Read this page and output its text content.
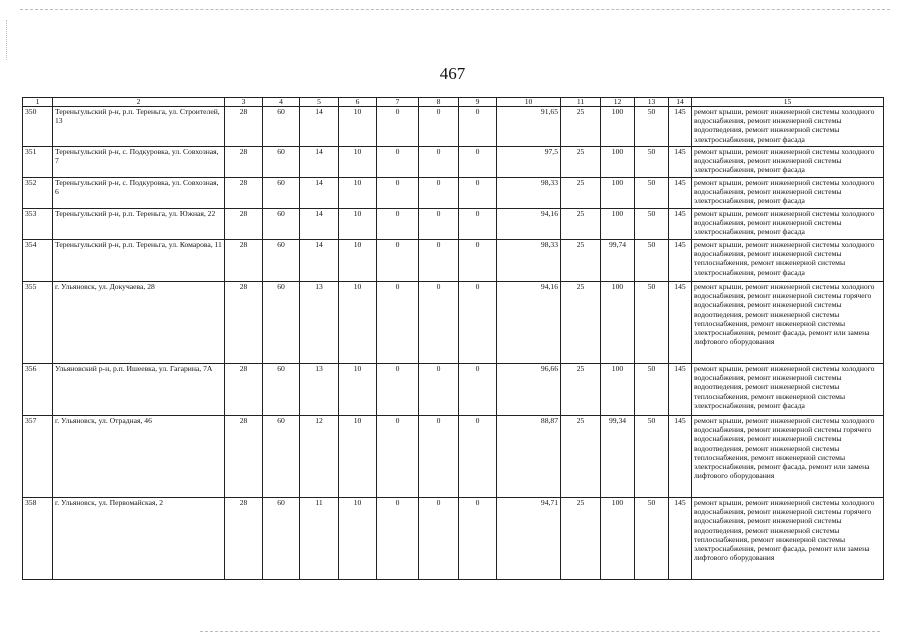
467
1	2	3	4	5	6	7	8	9	10	11	12	13	14	15
350	Тереньгульский р-н, р.п. Тереньга, ул. Строителей, 13	28	60	14	10	0	0	0	91,65	25	100	50	145	ремонт крыши, ремонт инженерной системы холодного водоснабжения, ремонт инженерной системы водоотведения, ремонт инженерной системы электроснабжения, ремонт фасада
351	Тереньгульский р-н, с. Подкуровка, ул. Совхозная, 7	28	60	14	10	0	0	0	97,5	25	100	50	145	ремонт крыши, ремонт инженерной системы холодного водоснабжения, ремонт инженерной системы электроснабжения, ремонт фасада
352	Тереньгульский р-н, с. Подкуровка, ул. Совхозная, 6	28	60	14	10	0	0	0	98,33	25	100	50	145	ремонт крыши, ремонт инженерной системы холодного водоснабжения, ремонт инженерной системы электроснабжения, ремонт фасада
353	Тереньгульский р-н, р.п. Тереньга, ул. Южная, 22	28	60	14	10	0	0	0	94,16	25	100	50	145	ремонт крыши, ремонт инженерной системы холодного водоснабжения, ремонт инженерной системы электроснабжения, ремонт фасада
354	Тереньгульский р-н, р.п. Тереньга, ул. Комарова, 11	28	60	14	10	0	0	0	98,33	25	99,74	50	145	ремонт крыши, ремонт инженерной системы холодного водоснабжения, ремонт инженерной системы теплоснабжения, ремонт инженерной системы электроснабжения, ремонт фасада
355	г. Ульяновск, ул. Докучаева, 28	28	60	13	10	0	0	0	94,16	25	100	50	145	ремонт крыши, ремонт инженерной системы холодного водоснабжения, ремонт инженерной системы горячего водоснабжения, ремонт инженерной системы водоотведения, ремонт инженерной системы теплоснабжения, ремонт инженерной системы электроснабжения, ремонт фасада, ремонт или замена лифтового оборудования
356	Ульяновский р-н, р.п. Ишеевка, ул. Гагарина, 7А	28	60	13	10	0	0	0	96,66	25	100	50	145	ремонт крыши, ремонт инженерной системы холодного водоснабжения, ремонт инженерной системы водоотведения, ремонт инженерной системы теплоснабжения, ремонт инженерной системы электроснабжения, ремонт фасада
357	г. Ульяновск, ул. Отрадная, 46	28	60	12	10	0	0	0	88,87	25	99,34	50	145	ремонт крыши, ремонт инженерной системы холодного водоснабжения, ремонт инженерной системы горячего водоснабжения, ремонт инженерной системы водоотведения, ремонт инженерной системы теплоснабжения, ремонт инженерной системы электроснабжения, ремонт фасада, ремонт или замена лифтового оборудования
358	г. Ульяновск, ул. Первомайская, 2	28	60	11	10	0	0	0	94,71	25	100	50	145	ремонт крыши, ремонт инженерной системы холодного водоснабжения, ремонт инженерной системы горячего водоснабжения, ремонт инженерной системы водоотведения, ремонт инженерной системы теплоснабжения, ремонт инженерной системы электроснабжения, ремонт фасада, ремонт или замена лифтового оборудования
